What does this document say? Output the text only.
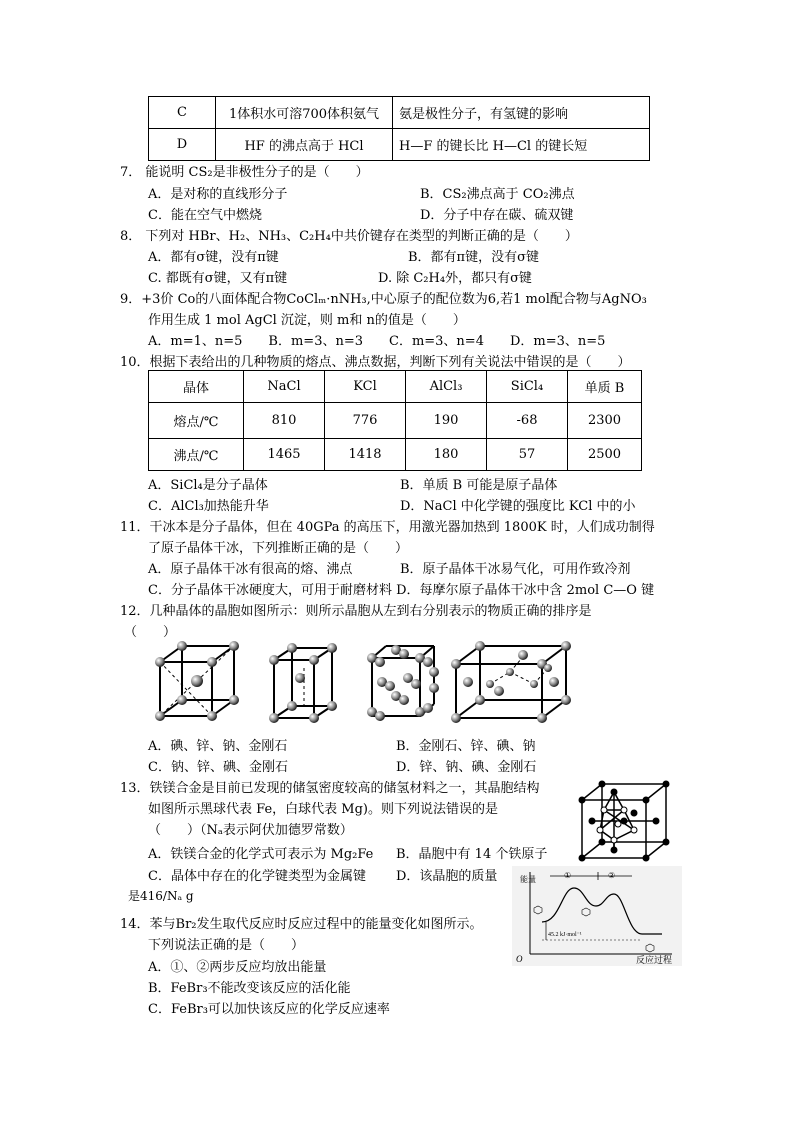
C	1体积水可溶700体积氨气	氨是极性分子，有氢键的影响
D	HF 的沸点高于 HCl	H—F 的键长比 H—Cl 的键长短
7． 能说明 CS₂是非极性分子的是（　　）
A．是对称的直线形分子	B．CS₂沸点高于 CO₂沸点
C．能在空气中燃烧	D．分子中存在碳、硫双键
8． 下列对 HBr、H₂、NH₃、C₂H₄中共价键存在类型的判断正确的是（　　）
A．都有σ键，没有π键	B．都有π键，没有σ键
C. 都既有σ键，又有π键	D. 除 C₂H₄外，都只有σ键
9．+3价 Co的八面体配合物CoClₘ·nNH₃,中心原子的配位数为6,若1 mol配合物与AgNO₃
作用生成 1 mol AgCl 沉淀，则 m和 n的值是（　　）
A．m=1、n=5　　B．m=3、n=3　　C．m=3、n=4　　D．m=3、n=5
10．根据下表给出的几种物质的熔点、沸点数据，判断下列有关说法中错误的是（　　）
晶体	NaCl	KCl	AlCl₃	SiCl₄	单质 B
熔点/℃	810	776	190	-68	2300
沸点/℃	1465	1418	180	57	2500
A．SiCl₄是分子晶体	B．单质 B 可能是原子晶体
C．AlCl₃加热能升华	D．NaCl 中化学键的强度比 KCl 中的小
11．干冰本是分子晶体，但在 40GPa 的高压下，用激光器加热到 1800K 时，人们成功制得
了原子晶体干冰，下列推断正确的是（　　）
A．原子晶体干冰有很高的熔、沸点	B．原子晶体干冰易气化，可用作致冷剂
C．分子晶体干冰硬度大，可用于耐磨材料 D．每摩尔原子晶体干冰中含 2mol C—O 键
12．几种晶体的晶胞如图所示：则所示晶胞从左到右分别表示的物质正确的排序是
（　　）
A．碘、锌、钠、金刚石	B．金刚石、锌、碘、钠
C．钠、锌、碘、金刚石	D．锌、钠、碘、金刚石
13．铁镁合金是目前已发现的储氢密度较高的储氢材料之一，其晶胞结构
如图所示黑球代表 Fe，白球代表 Mg)。则下列说法错误的是
（　　）（Nₐ表示阿伏加德罗常数）
A．铁镁合金的化学式可表示为 Mg₂Fe B．晶胞中有 14 个铁原子
C．晶体中存在的化学键类型为金属键 D．该晶胞的质量
是416/Nₐ g
14．苯与Br₂发生取代反应时反应过程中的能量变化如图所示。
下列说法正确的是（　　）
A．①、②两步反应均放出能量
B．FeBr₃不能改变该反应的活化能
C．FeBr₃可以加快该反应的化学反应速率
能量
O	反应过程
①	②
45.2 kJ·mol⁻¹
